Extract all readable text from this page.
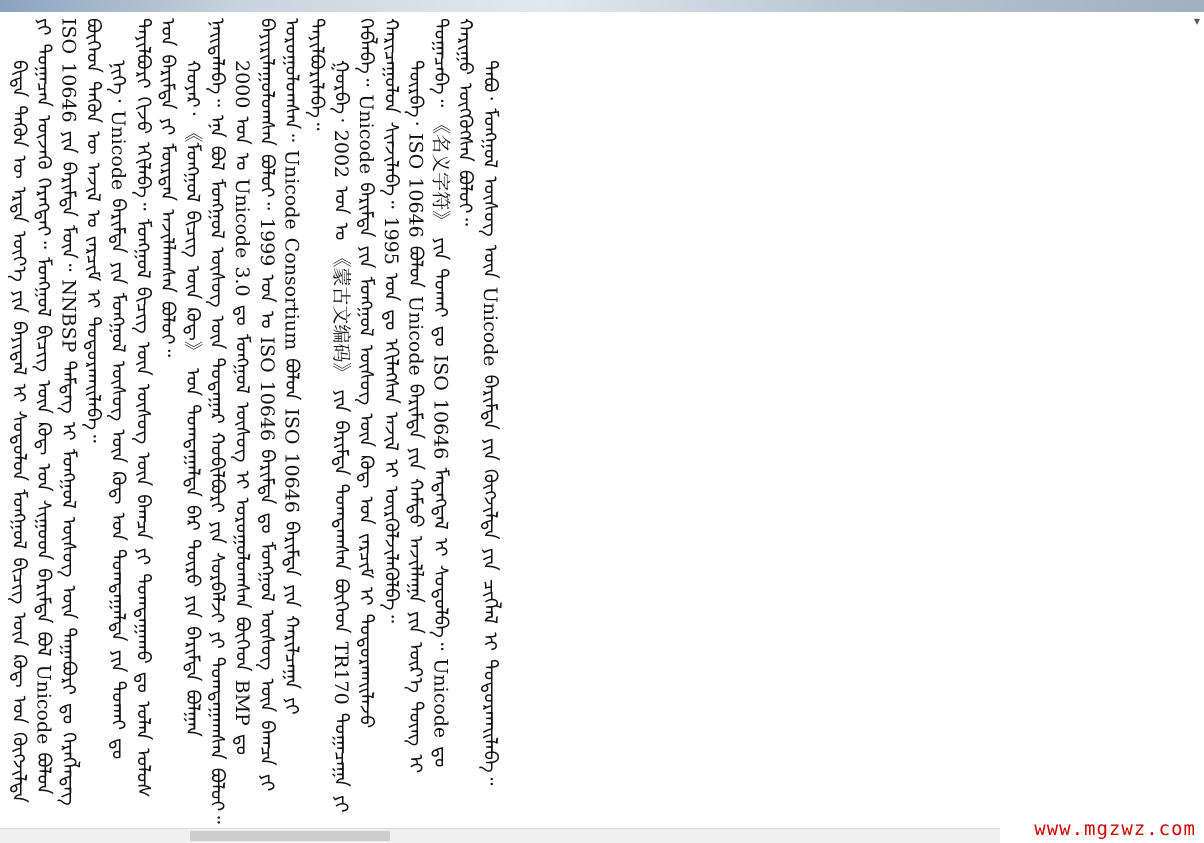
ᠪᠢᠳᠡ ᠲᠡᠭᠦᠨ ᠦ ᠡᠷᠲᠡ ᠦᠶ᠎ᠡ ᠶᠢᠨ ᠪᠠᠶᠢᠳᠠᠯ ᠢ ᠰᠤᠳᠤᠯᠤᠨ ᠮᠣᠩᠭᠣᠯ ᠪᠢᠴᠢᠭ ᠦᠨ ᠺᠣᠳ᠋ ᠤᠨ ᠬᠥᠭᠵᠢᠯᠲᠡ ᠶᠢ ᠲᠣᠭᠠᠴᠠᠨ ᠦᠵᠡᠬᠦ ᠬᠡᠷᠡᠭᠲᠡᠢ᠃ ᠮᠣᠩᠭᠣᠯ ᠪᠢᠴᠢᠭ ᠦᠨ ᠺᠣᠳ᠋ ᠤᠨ ᠰᠢᠭᠤᠳ ᠪᠠᠷᠢᠮᠲᠠ ᠪᠣᠯ Unicode ᠪᠣᠯᠤᠨ ISO 10646 ᠶᠢᠨ ᠪᠠᠷᠢᠮᠲᠠ ᠮᠥᠨ᠃ NNBSP ᠲᠡᠮᠳᠡᠭ ᠢ ᠮᠣᠩᠭᠣᠯ ᠦᠰᠦᠭ ᠦᠨ ᠳᠠᠭᠠᠪᠤᠷᠢ ᠳᠤ ᠬᠡᠷᠡᠭᠯᠡᠳᠡᠭ ᠪᠥᠭᠡᠳ ᠲᠡᠭᠦᠨ ᠦ ᠠᠵᠢᠯ ᠤ ᠵᠠᠷᠴᠢᠮ ᠢ ᠲᠣᠳᠤᠷᠬᠠᠢᠯᠠᠪᠠ᠃ ᠨᠢᠭᠡ᠂ Unicode ᠪᠠᠷᠢᠮᠲᠠ ᠶᠢᠨ ᠮᠣᠩᠭᠣᠯ ᠦᠰᠦᠭ ᠦᠨ ᠺᠣᠳ᠋ ᠤᠨ ᠲᠣᠭᠲᠠᠭᠠᠯᠲᠠ ᠶᠢᠨ ᠲᠤᠬᠠᠢ ᠳᠤ ᠲᠠᠶᠢᠯᠪᠤᠷᠢ ᠬᠢᠵᠦ ᠡᠬᠢᠯᠡᠪᠡ᠃ ᠮᠣᠩᠭᠣᠯ ᠪᠢᠴᠢᠭ ᠦᠨ ᠦᠰᠦᠭ ᠦᠨ ᠪᠠᠭᠴᠠ ᠶᠢ ᠲᠣᠭᠲᠠᠭᠠᠬᠤ ᠳᠤ ᠣᠯᠠᠨ ᠤᠯᠤᠰ ᠤᠨ ᠪᠠᠷᠢᠮᠲᠠ ᠶᠢ ᠮᠦᠷᠳᠡᠨ ᠠᠵᠢᠯᠯᠠᠭᠰᠠᠨ ᠪᠤᠯᠤᠢ᠃ ᠬᠣᠶᠠᠷ᠂ 《ᠮᠣᠩᠭᠣᠯ ᠪᠢᠴᠢᠭ ᠦᠨ ᠺᠣᠳ᠋》 ᠤᠨ ᠲᠣᠭᠲᠠᠭᠠᠯᠲᠠ ᠪᠠᠷ ᠲᠦᠷᠦ ᠶᠢᠨ ᠪᠠᠷᠢᠮᠲᠠ ᠪᠣᠯᠭᠠᠨ ᠨᠡᠢᠲᠡᠯᠡᠪᠡ᠃ ᠡᠨᠡ ᠪᠣᠯ ᠮᠣᠩᠭᠣᠯ ᠦᠰᠦᠭ ᠦᠨ ᠳᠤᠲᠠᠭᠠᠷ ᠬᠤᠪᠢᠯᠪᠤᠷᠢ ᠶᠢᠨ ᠰᠤᠷᠪᠠᠯᠵᠢ ᠶᠢ ᠲᠣᠭᠲᠠᠭᠠᠭᠰᠠᠨ ᠪᠤᠯᠤᠢ᠃ 2000 ᠣᠨ ᠤ Unicode 3.0 ᠳᠤ ᠮᠣᠩᠭᠣᠯ ᠦᠰᠦᠭ ᠢ ᠣᠷᠣᠭᠤᠯᠤᠭᠰᠠᠨ ᠪᠥᠭᠡᠳ BMP ᠳᠤ ᠪᠠᠶᠢᠷᠢᠯᠠᠭᠤᠯᠤᠭᠰᠠᠨ ᠪᠤᠯᠤᠢ᠃ 1999 ᠣᠨ ᠤ ISO 10646 ᠪᠠᠷᠢᠮᠲᠠ ᠳᠤ ᠮᠣᠩᠭᠣᠯ ᠦᠰᠦᠭ ᠦᠨ ᠪᠠᠭᠴᠠ ᠶᠢ ᠣᠷᠣᠭᠤᠯᠤᠭᠰᠠᠨ᠃ Unicode Consortium ᠪᠣᠯᠤᠨ ISO 10646 ᠪᠠᠷᠢᠮᠲᠠ ᠶᠢᠨ ᠬᠠᠷᠢᠯᠴᠠᠭᠠ ᠶᠢ ᠲᠠᠶᠢᠯᠪᠤᠷᠢᠯᠠᠪᠠ᠃ ᠭᠤᠷᠪᠠ᠂ 2002 ᠣᠨ ᠤ 《蒙古文编码》 ᠶᠢᠨ ᠪᠠᠷᠢᠮᠲᠠ ᠲᠣᠭᠲᠠᠭᠰᠠᠨ ᠪᠥᠭᠡᠳ TR170 ᠲᠣᠭᠠᠴᠠᠭᠠ ᠶᠢ ᠬᠡᠪᠯᠡᠪᠡ᠃ Unicode ᠪᠠᠷᠢᠮᠲᠠ ᠶᠢᠨ ᠮᠣᠩᠭᠣᠯ ᠦᠰᠦᠭ ᠦᠨ ᠺᠣᠳ᠋ ᠤᠨ ᠵᠠᠷᠴᠢᠮ ᠢ ᠲᠣᠳᠤᠷᠬᠠᠢᠯᠠᠵᠤ ᠬᠠᠷᠢᠴᠠᠭᠤᠯᠤᠨ ᠰᠢᠨᠵᠢᠯᠡᠪᠡ᠃ 1995 ᠣᠨ ᠳᠤ ᠡᠬᠢᠯᠡᠭᠰᠡᠨ ᠠᠵᠢᠯ ᠢ ᠦᠷᠭᠦᠯᠵᠢᠯᠡᠭᠦᠯᠪᠡ᠃ ᠳᠥᠷᠪᠡ᠂ ISO 10646 ᠪᠣᠯᠤᠨ Unicode ᠪᠠᠷᠢᠮᠲᠠ ᠶᠢᠨ ᠬᠠᠮᠲᠤ ᠠᠵᠢᠯᠯᠠᠭᠠ ᠶᠢᠨ ᠦᠷ᠎ᠡ ᠳᠦᠩ ᠢ ᠲᠣᠭᠠᠴᠠᠪᠠ᠃ 《名义字符》 ᠶᠢᠨ ᠲᠤᠬᠠᠢ ᠳᠤ ISO 10646 ᠮᠡᠳᠡᠭᠳᠡᠯ ᠢ ᠰᠤᠳᠤᠯᠪᠠ᠃ Unicode ᠳᠤ ᠬᠠᠷᠢᠭᠤ ᠥᠭᠭᠦᠭᠰᠡᠨ ᠪᠤᠯᠤᠢ᠃ ᠲᠠᠪᠤ᠂ ᠮᠣᠩᠭᠣᠯ ᠦᠰᠦᠭ ᠦᠨ Unicode ᠪᠠᠷᠢᠮᠲᠠ ᠶᠢᠨ ᠬᠥᠭᠵᠢᠯᠲᠡ ᠶᠢᠨ ᠴᠢᠭᠯᠡᠯ ᠢ ᠲᠣᠳᠤᠷᠬᠠᠢᠯᠠᠪᠠ᠃

▾
www.mgzwz.com
